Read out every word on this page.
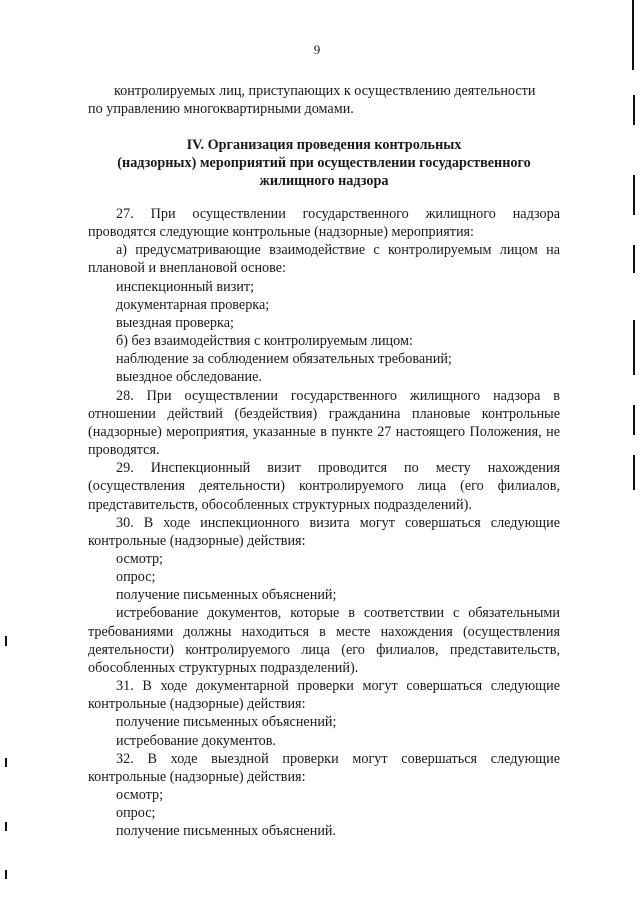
9

контролируемых лиц, приступающих к осуществлению деятельности

по управлению многоквартирными домами.

IV. Организация проведения контрольных
(надзорных) мероприятий при осуществлении государственного
жилищного надзора

27. При осуществлении государственного жилищного надзора проводятся следующие контрольные (надзорные) мероприятия:

а) предусматривающие взаимодействие с контролируемым лицом на плановой и внеплановой основе:

инспекционный визит;

документарная проверка;

выездная проверка;

б) без взаимодействия с контролируемым лицом:

наблюдение за соблюдением обязательных требований;

выездное обследование.

28. При осуществлении государственного жилищного надзора в отношении действий (бездействия) гражданина плановые контрольные (надзорные) мероприятия, указанные в пункте 27 настоящего Положения, не проводятся.

29. Инспекционный визит проводится по месту нахождения (осуществления деятельности) контролируемого лица (его филиалов, представительств, обособленных структурных подразделений).

30. В ходе инспекционного визита могут совершаться следующие контрольные (надзорные) действия:

осмотр;

опрос;

получение письменных объяснений;

истребование документов, которые в соответствии с обязательными требованиями должны находиться в месте нахождения (осуществления деятельности) контролируемого лица (его филиалов, представительств, обособленных структурных подразделений).

31. В ходе документарной проверки могут совершаться следующие контрольные (надзорные) действия:

получение письменных объяснений;

истребование документов.

32. В ходе выездной проверки могут совершаться следующие контрольные (надзорные) действия:

осмотр;

опрос;

получение письменных объяснений.
